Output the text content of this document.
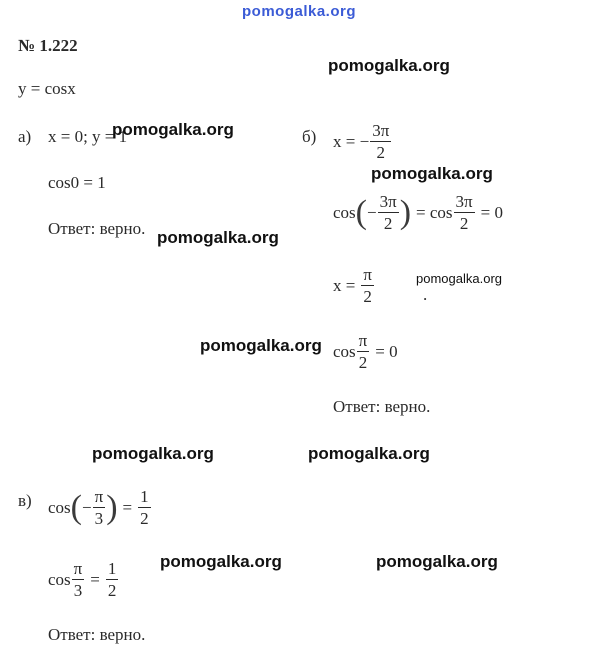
pomogalka.org
№ 1.222
y = cosx
а) x = 0; y = 1
cos0 = 1
Ответ: верно.
б) x = − $\frac{3\pi}{2}$
cos ( − $\frac{3\pi}{2}$ ) = $\cos \frac{3\pi}{2} = 0$
$x = \frac{\pi}{2}$	.
$\cos \frac{\pi}{2} = 0$
Ответ: верно.
в) cos ( − $\frac{\pi}{3}$ ) = $\frac{1}{2}$
$\cos \frac{\pi}{3} = \frac{1}{2}$
Ответ: верно.
pomogalka.org
pomogalka.org
pomogalka.org
pomogalka.org
pomogalka.org
pomogalka.org
pomogalka.org	pomogalka.org
pomogalka.org	pomogalka.org
